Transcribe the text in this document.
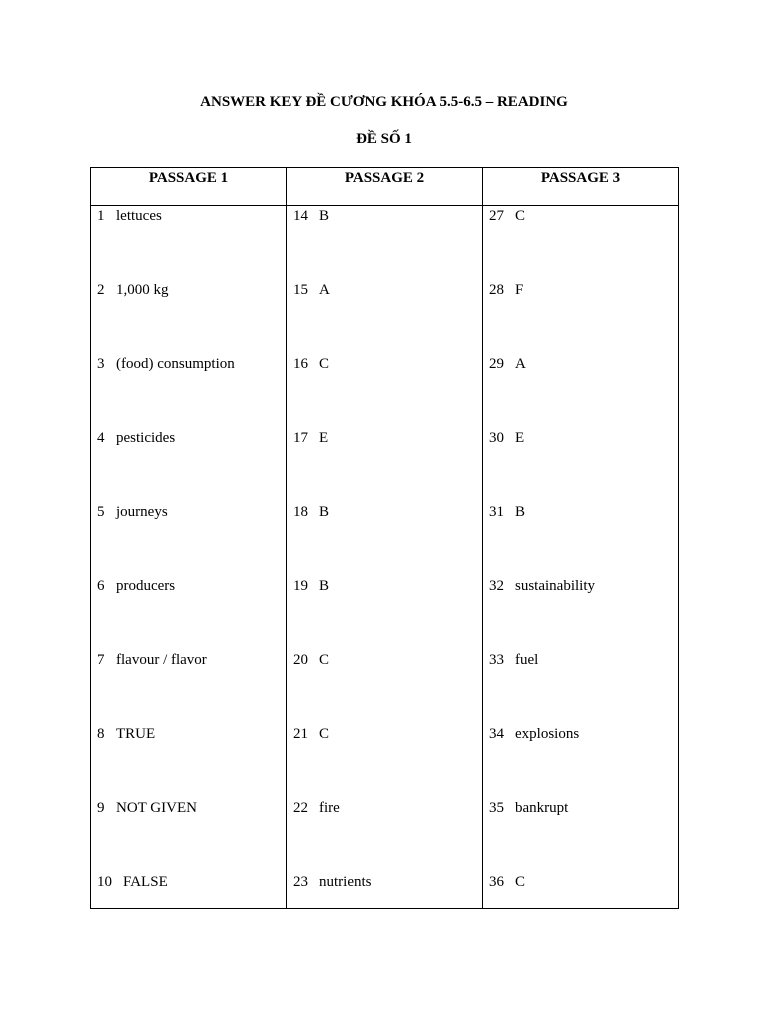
ANSWER KEY ĐỀ CƯƠNG KHÓA 5.5-6.5 – READING
ĐỀ SỐ 1
PASSAGE 1	PASSAGE 2	PASSAGE 3

1 lettuces	14 B	27 C

2 1,000 kg	15 A	28 F

3 (food) consumption	16 C	29 A

4 pesticides	17 E	30 E

5 journeys	18 B	31 B

6 producers	19 B	32 sustainability

7 flavour / flavor	20 C	33 fuel

8 TRUE	21 C	34 explosions

9 NOT GIVEN	22 fire	35 bankrupt

10 FALSE	23 nutrients	36 C
